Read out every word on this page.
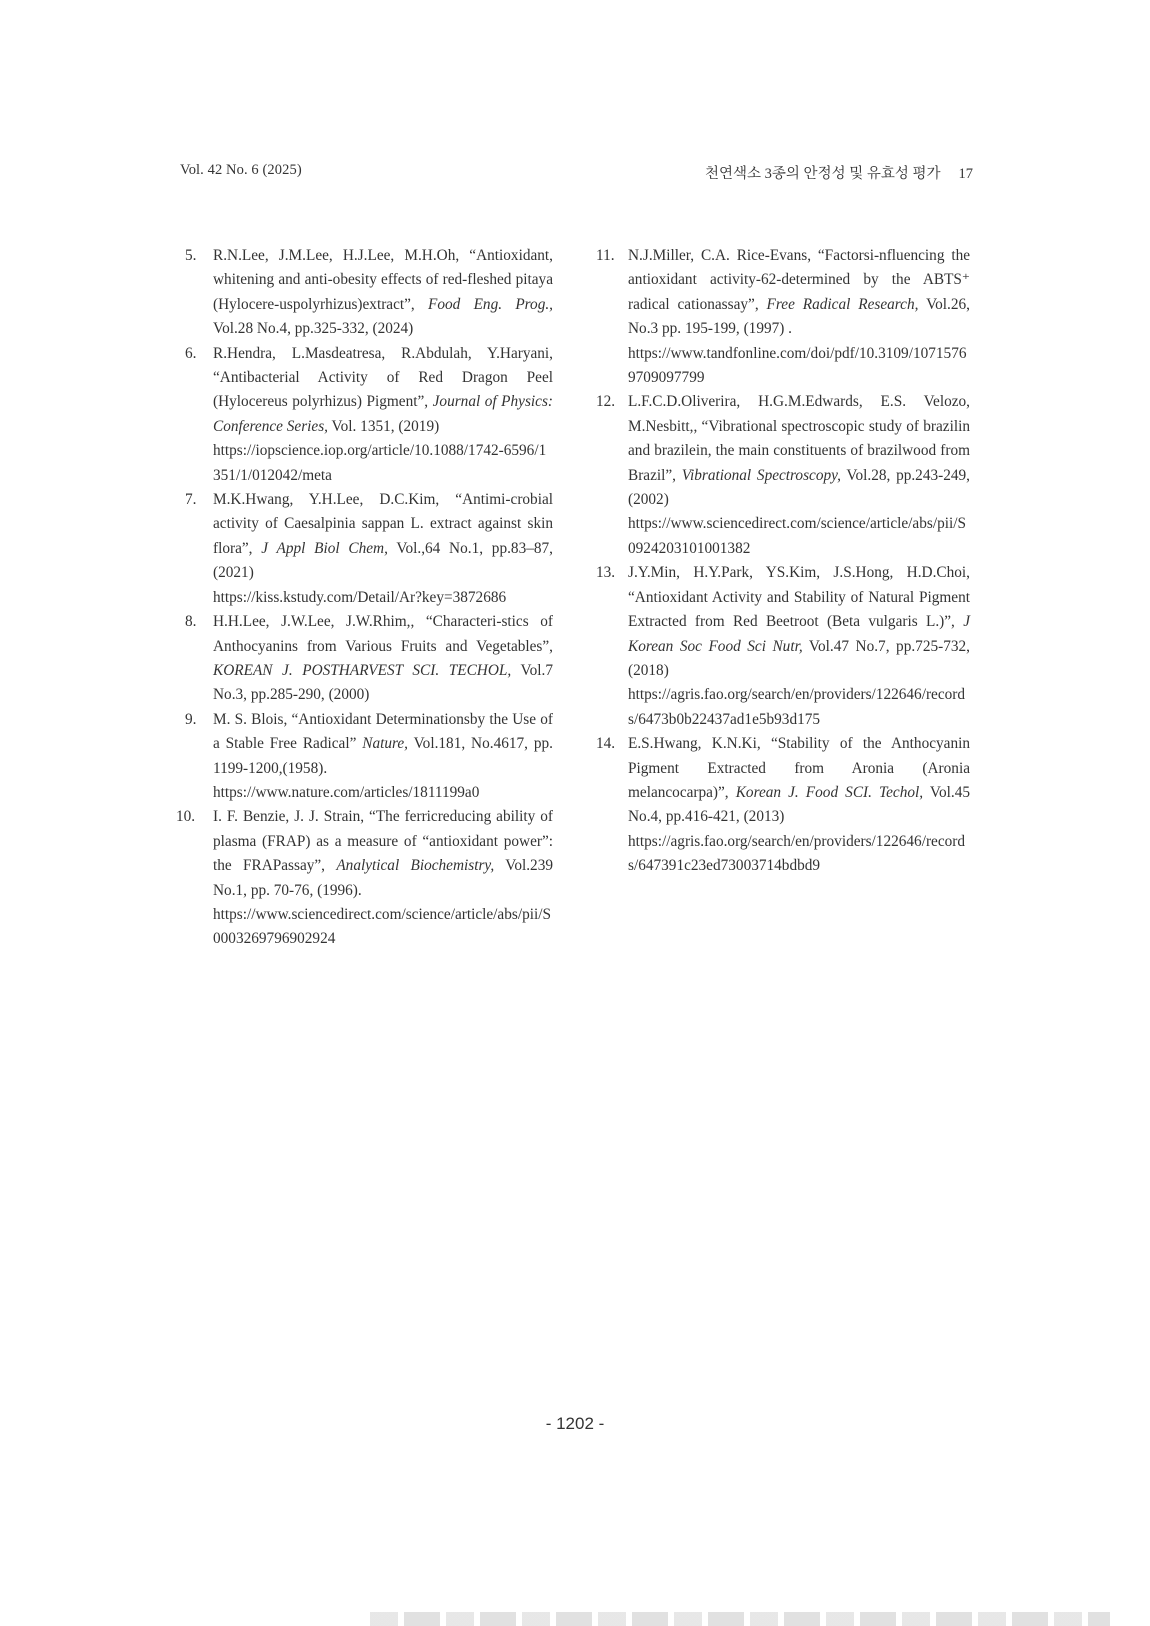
Vol. 42 No. 6 (2025)	천연색소 3종의 안정성 및 유효성 평가 17
5.	R.N.Lee, J.M.Lee, H.J.Lee, M.H.Oh, “Antioxidant, whitening and anti-obesity effects of red-fleshed pitaya (Hylocere-uspolyrhizus)extract”, Food Eng. Prog., Vol.28 No.4, pp.325-332, (2024)
6.	R.Hendra, L.Masdeatresa, R.Abdulah, Y.Haryani, “Antibacterial Activity of Red Dragon Peel (Hylocereus polyrhizus) Pigment”, Journal of Physics: Conference Series, Vol. 1351, (2019)
https://iopscience.iop.org/article/10.1088/1742-6596/1351/1/012042/meta
7.	M.K.Hwang, Y.H.Lee, D.C.Kim, “Antimi-crobial activity of Caesalpinia sappan L. extract against skin flora”, J Appl Biol Chem, Vol.,64 No.1, pp.83‒87, (2021)
https://kiss.kstudy.com/Detail/Ar?key=3872686
8.	H.H.Lee, J.W.Lee, J.W.Rhim,, “Characteri-stics of Anthocyanins from Various Fruits and Vegetables”, KOREAN J. POSTHARVEST SCI. TECHOL, Vol.7 No.3, pp.285-290, (2000)
9.	M. S. Blois, “Antioxidant Determinationsby the Use of a Stable Free Radical” Nature, Vol.181, No.4617, pp. 1199-1200,(1958).
https://www.nature.com/articles/1811199a0
10.	I. F. Benzie, J. J. Strain, “The ferricreducing ability of plasma (FRAP) as a measure of “antioxidant power”: the FRAPassay”, Analytical Biochemistry, Vol.239 No.1, pp. 70-76, (1996).
https://www.sciencedirect.com/science/article/abs/pii/S0003269796902924
11. N.J.Miller, C.A. Rice-Evans, “Factorsi-nfluencing the antioxidant activity-62-determined by the ABTS⁺ radical cationassay”, Free Radical Research, Vol.26, No.3 pp. 195-199, (1997) .
https://www.tandfonline.com/doi/pdf/10.3109/10715769709097799
12. L.F.C.D.Oliverira, H.G.M.Edwards, E.S. Velozo, M.Nesbitt,, “Vibrational spectroscopic study of brazilin and brazilein, the main constituents of brazilwood from Brazil”, Vibrational Spectroscopy, Vol.28, pp.243-249,(2002)
https://www.sciencedirect.com/science/article/abs/pii/S0924203101001382
13. J.Y.Min, H.Y.Park, YS.Kim, J.S.Hong, H.D.Choi, “Antioxidant Activity and Stability of Natural Pigment Extracted from Red Beetroot (Beta vulgaris L.)”, J Korean Soc Food Sci Nutr, Vol.47 No.7, pp.725-732, (2018)
https://agris.fao.org/search/en/providers/122646/records/6473b0b22437ad1e5b93d175
14. E.S.Hwang, K.N.Ki, “Stability of the Anthocyanin Pigment Extracted from Aronia (Aronia melancocarpa)”, Korean J. Food SCI. Techol, Vol.45 No.4, pp.416-421, (2013)
https://agris.fao.org/search/en/providers/122646/records/647391c23ed73003714bdbd9
- 1202 -
